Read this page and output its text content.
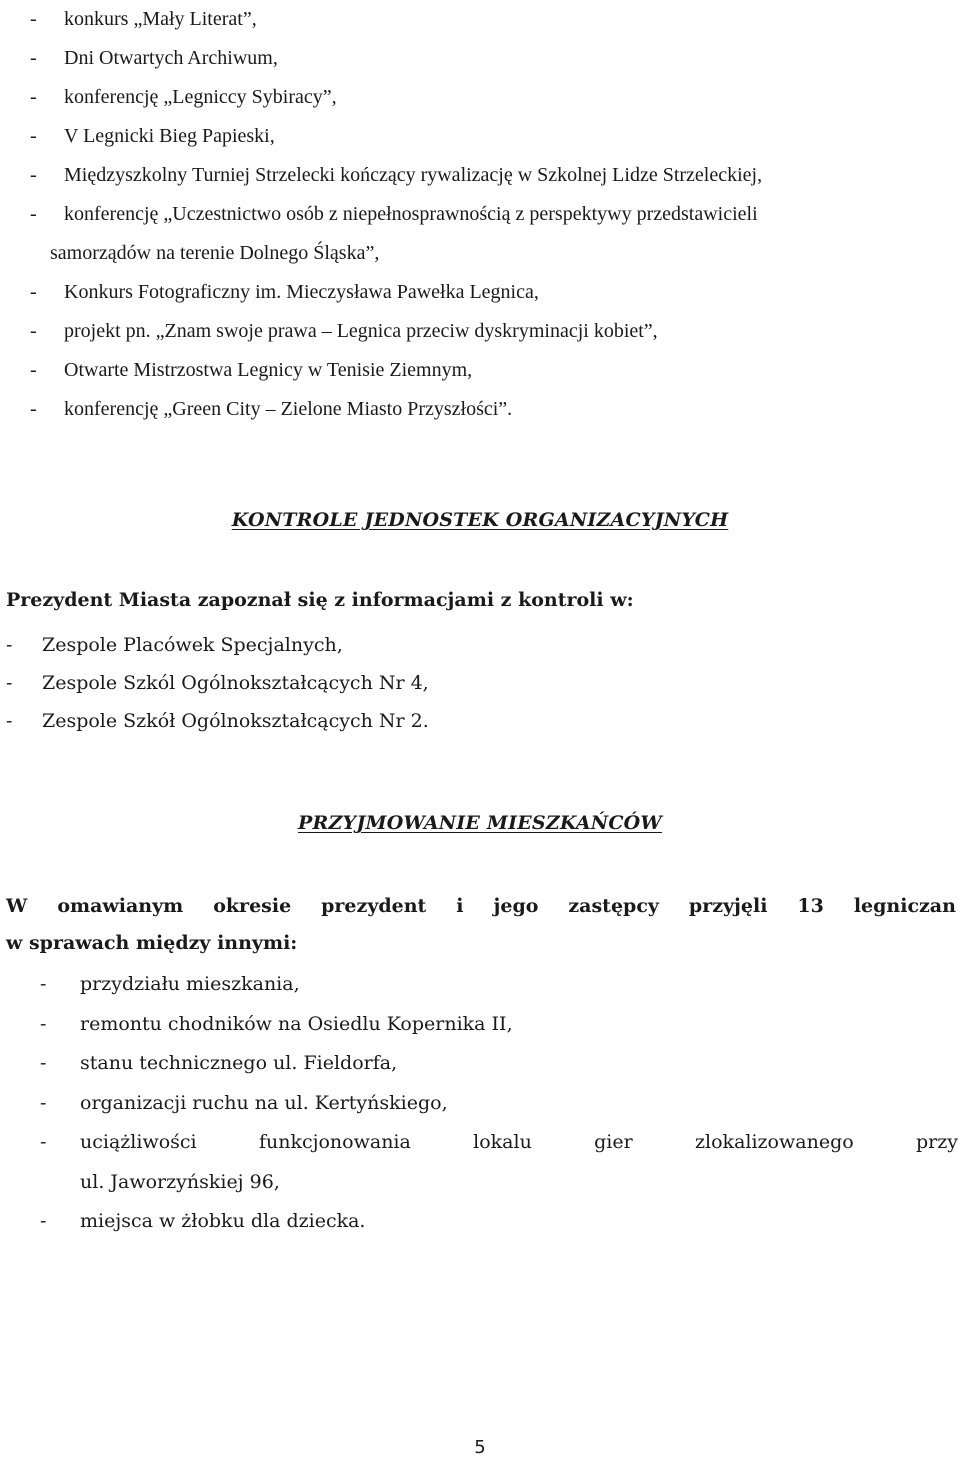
- konkurs „Mały Literat”,
- Dni Otwartych Archiwum,
- konferencję „Legniccy Sybiracy”,
- V Legnicki Bieg Papieski,
- Międzyszkolny Turniej Strzelecki kończący rywalizację w Szkolnej Lidze Strzeleckiej,
- konferencję „Uczestnictwo osób z niepełnosprawnością z perspektywy przedstawicieli
samorządów na terenie Dolnego Śląska”,
- Konkurs Fotograficzny im. Mieczysława Pawełka Legnica,
- projekt pn. „Znam swoje prawa – Legnica przeciw dyskryminacji kobiet”,
- Otwarte Mistrzostwa Legnicy w Tenisie Ziemnym,
- konferencję „Green City – Zielone Miasto Przyszłości”.
KONTROLE JEDNOSTEK ORGANIZACYJNYCH
Prezydent Miasta zapoznał się z informacjami z kontroli w:
- Zespole Placówek Specjalnych,
- Zespole Szkól Ogólnokształcących Nr 4,
- Zespole Szkół Ogólnokształcących Nr 2.
PRZYJMOWANIE MIESZKAŃCÓW
W omawianym okresie prezydent i jego zastępcy przyjęli 13 legniczan
w sprawach między innymi:
- przydziału mieszkania,
- remontu chodników na Osiedlu Kopernika II,
- stanu technicznego ul. Fieldorfa,
- organizacji ruchu na ul. Kertyńskiego,
- uciążliwości	funkcjonowania	lokalu	gier	zlokalizowanego	przy
ul. Jaworzyńskiej 96,
- miejsca w żłobku dla dziecka.
5
